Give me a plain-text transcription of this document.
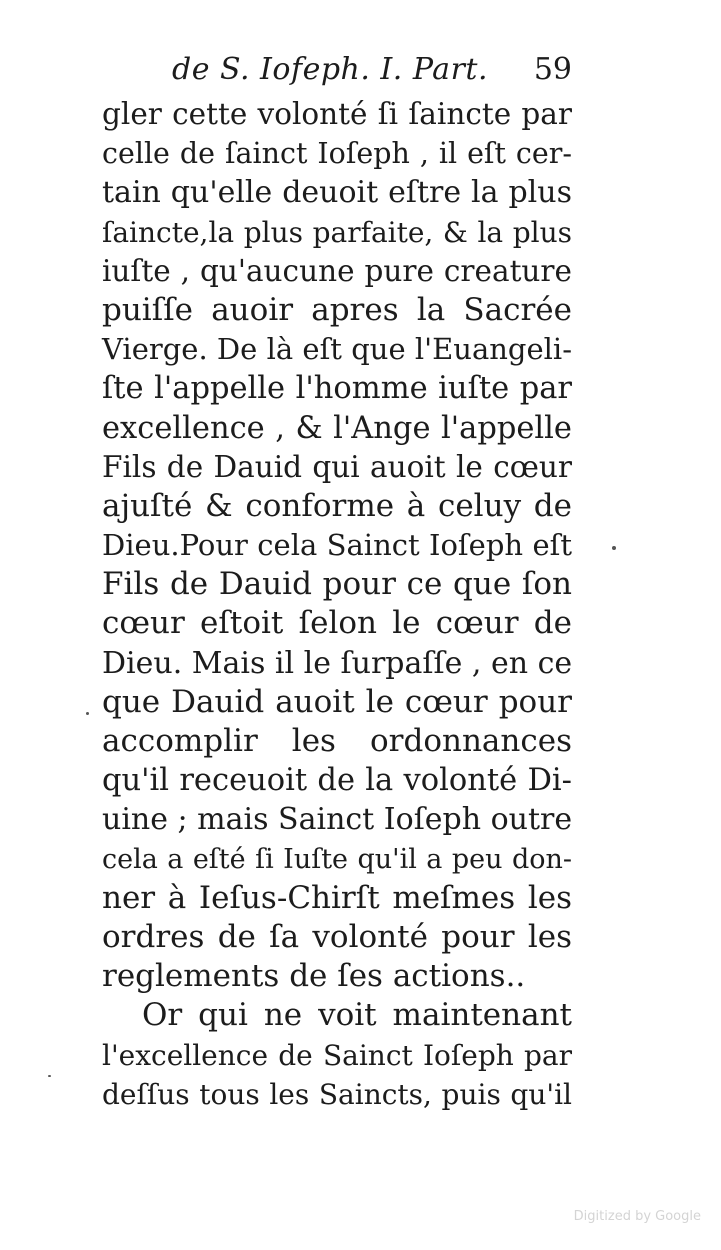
de S. Iofeph. I. Part. 59
gler cette volonté ſi ſaincte par
celle de ſainct Ioſeph , il eſt cer-
tain qu'elle deuoit eſtre la plus
ſaincte,la plus parfaite, & la plus
iuſte , qu'aucune pure creature
puiſſe auoir apres la Sacrée
Vierge. De là eſt que l'Euangeli-
ſte l'appelle l'homme iuſte par
excellence , & l'Ange l'appelle
Fils de Dauid qui auoit le cœur
ajuſté & conforme à celuy de
Dieu.Pour cela Sainct Ioſeph eſt
Fils de Dauid pour ce que ſon
cœur eſtoit ſelon le cœur de
Dieu. Mais il le ſurpaſſe , en ce
que Dauid auoit le cœur pour
accomplir les ordonnances
qu'il receuoit de la volonté Di-
uine ; mais Sainct Ioſeph outre
cela a eſté ſi Iuſte qu'il a peu don-
ner à Ieſus-Chirſt meſmes les
ordres de ſa volonté pour les
reglements de ſes actions..
Or qui ne voit maintenant
l'excellence de Sainct Ioſeph par
deſſus tous les Saincts, puis qu'il
Digitized by Google
